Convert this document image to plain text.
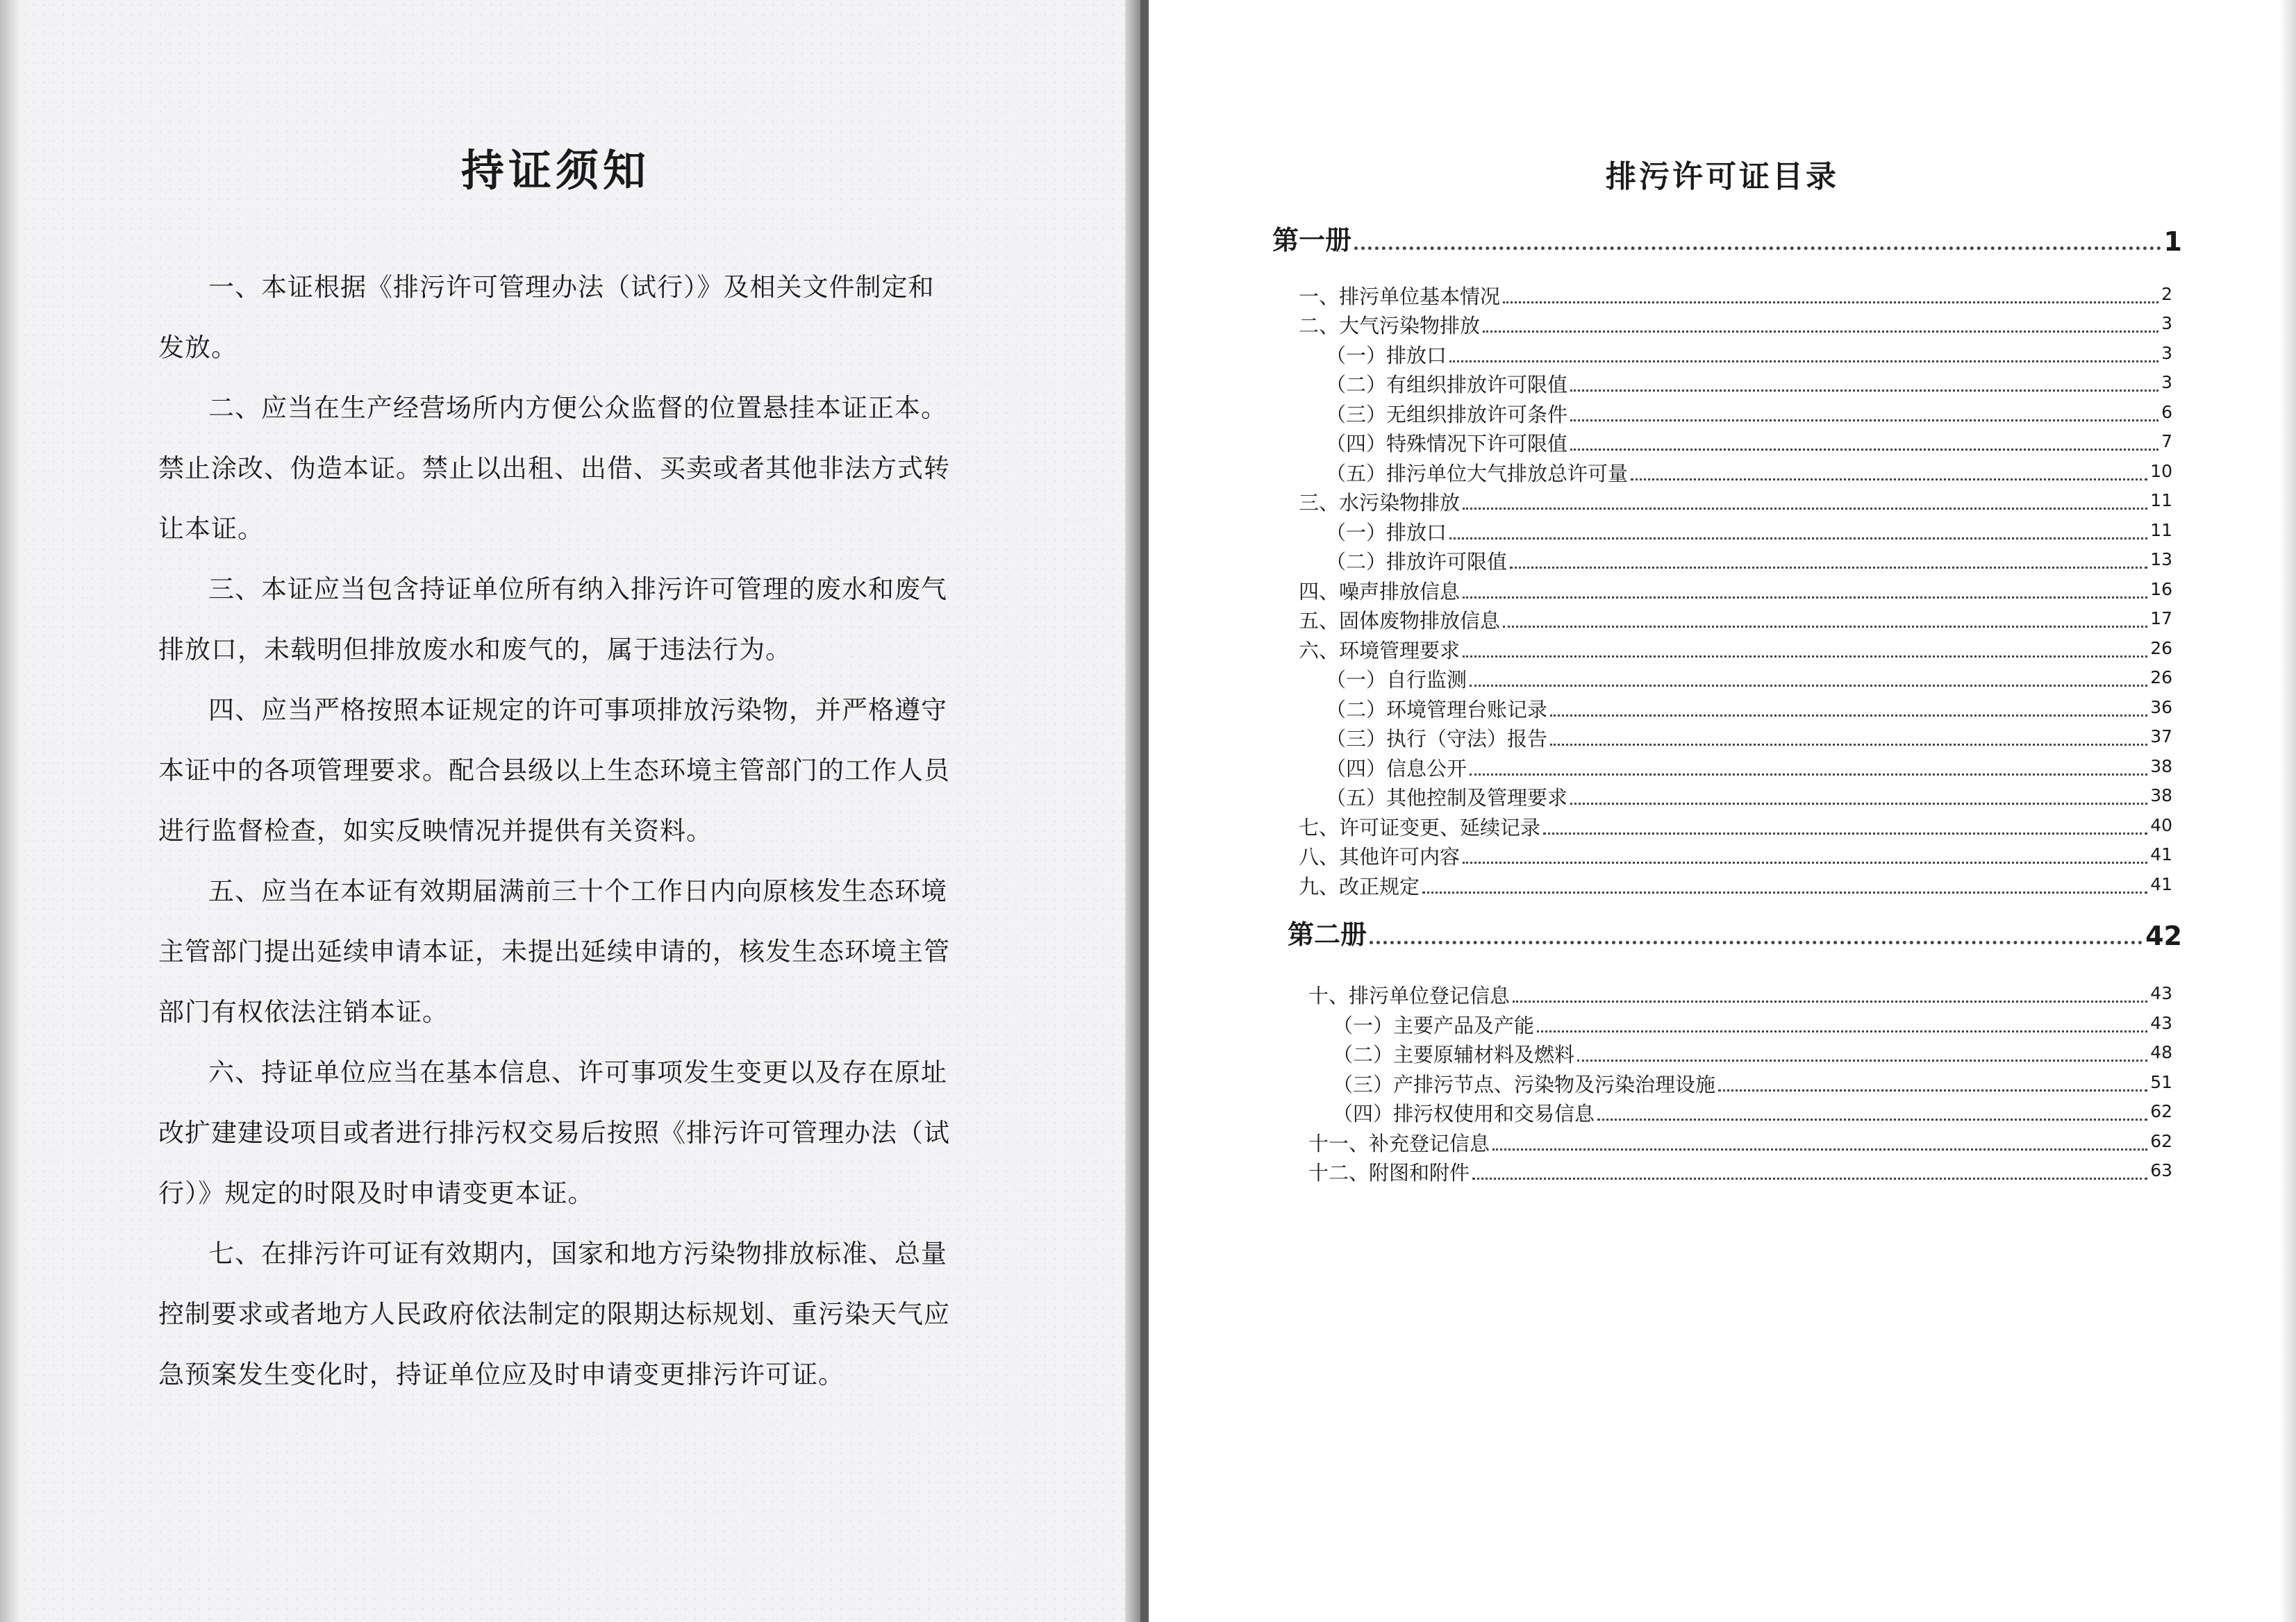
持证须知
一、本证根据《排污许可管理办法（试行）》及相关文件制定和
发放。
二、应当在生产经营场所内方便公众监督的位置悬挂本证正本。
禁止涂改、伪造本证。禁止以出租、出借、买卖或者其他非法方式转
让本证。
三、本证应当包含持证单位所有纳入排污许可管理的废水和废气
排放口，未载明但排放废水和废气的，属于违法行为。
四、应当严格按照本证规定的许可事项排放污染物，并严格遵守
本证中的各项管理要求。配合县级以上生态环境主管部门的工作人员
进行监督检查，如实反映情况并提供有关资料。
五、应当在本证有效期届满前三十个工作日内向原核发生态环境
主管部门提出延续申请本证，未提出延续申请的，核发生态环境主管
部门有权依法注销本证。
六、持证单位应当在基本信息、许可事项发生变更以及存在原址
改扩建建设项目或者进行排污权交易后按照《排污许可管理办法（试
行）》规定的时限及时申请变更本证。
七、在排污许可证有效期内，国家和地方污染物排放标准、总量
控制要求或者地方人民政府依法制定的限期达标规划、重污染天气应
急预案发生变化时，持证单位应及时申请变更排污许可证。
排污许可证目录
第一册	1
一、排污单位基本情况	2
二、大气污染物排放	3
（一）排放口	3
（二）有组织排放许可限值	3
（三）无组织排放许可条件	6
（四）特殊情况下许可限值	7
（五）排污单位大气排放总许可量	10
三、水污染物排放	11
（一）排放口	11
（二）排放许可限值	13
四、噪声排放信息	16
五、固体废物排放信息	17
六、环境管理要求	26
（一）自行监测	26
（二）环境管理台账记录	36
（三）执行（守法）报告	37
（四）信息公开	38
（五）其他控制及管理要求	38
七、许可证变更、延续记录	40
八、其他许可内容	41
九、改正规定	41
第二册	42
十、排污单位登记信息	43
（一）主要产品及产能	43
（二）主要原辅材料及燃料	48
（三）产排污节点、污染物及污染治理设施	51
（四）排污权使用和交易信息	62
十一、补充登记信息	62
十二、附图和附件	63
